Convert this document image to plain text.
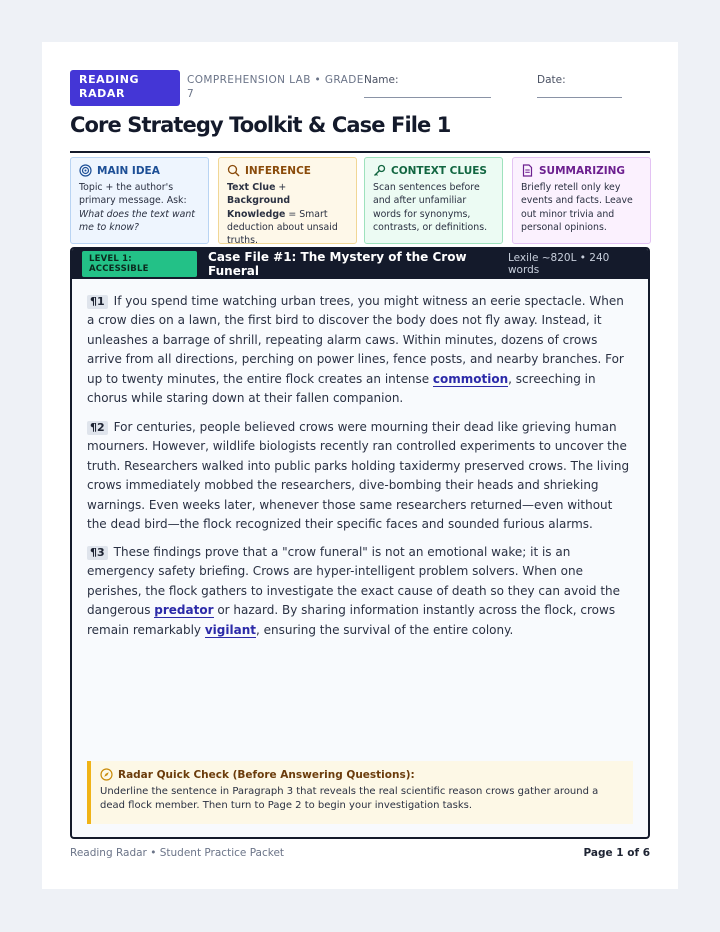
READING
RADAR
COMPREHENSION LAB • GRADE
7
Name:	Date:
Core Strategy Toolkit & Case File 1
MAIN IDEA
Topic + the author's primary message. Ask: What does the text want me to know?
INFERENCE
Text Clue + Background Knowledge = Smart deduction about unsaid truths.
CONTEXT CLUES
Scan sentences before and after unfamiliar words for synonyms, contrasts, or definitions.
SUMMARIZING
Briefly retell only key events and facts. Leave out minor trivia and personal opinions.
LEVEL 1: ACCESSIBLE
Case File #1: The Mystery of the Crow Funeral
Lexile ~820L • 240 words
¶1 If you spend time watching urban trees, you might witness an eerie spectacle. When a crow dies on a lawn, the first bird to discover the body does not fly away. Instead, it unleashes a barrage of shrill, repeating alarm caws. Within minutes, dozens of crows arrive from all directions, perching on power lines, fence posts, and nearby branches. For up to twenty minutes, the entire flock creates an intense commotion, screeching in chorus while staring down at their fallen companion.
¶2 For centuries, people believed crows were mourning their dead like grieving human mourners. However, wildlife biologists recently ran controlled experiments to uncover the truth. Researchers walked into public parks holding taxidermy preserved crows. The living crows immediately mobbed the researchers, dive-bombing their heads and shrieking warnings. Even weeks later, whenever those same researchers returned—even without the dead bird—the flock recognized their specific faces and sounded furious alarms.
¶3 These findings prove that a "crow funeral" is not an emotional wake; it is an emergency safety briefing. Crows are hyper-intelligent problem solvers. When one perishes, the flock gathers to investigate the exact cause of death so they can avoid the dangerous predator or hazard. By sharing information instantly across the flock, crows remain remarkably vigilant, ensuring the survival of the entire colony.
Radar Quick Check (Before Answering Questions):
Underline the sentence in Paragraph 3 that reveals the real scientific reason crows gather around a dead flock member. Then turn to Page 2 to begin your investigation tasks.
Reading Radar • Student Practice Packet	Page 1 of 6
